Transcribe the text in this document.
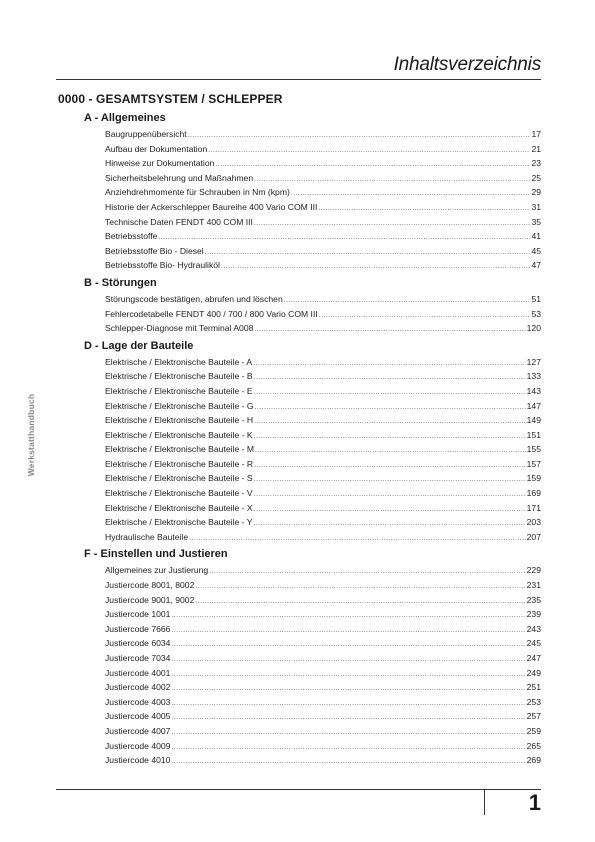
Inhaltsverzeichnis
Werkstatthandbuch
0000 - GESAMTSYSTEM / SCHLEPPER
A - Allgemeines
Baugruppenübersicht .....	17
Aufbau der Dokumentation .....	21
Hinweise zur Dokumentation .....	23
Sicherheitsbelehrung und Maßnahmen .....	25
Anziehdrehmomente für Schrauben in Nm (kpm) .....	29
Historie der Ackerschlepper Baureihe 400 Vario COM III .....	31
Technische Daten FENDT 400 COM III .....	35
Betriebsstoffe .....	41
Betriebsstoffe Bio - Diesel .....	45
Betriebsstoffe Bio- Hydrauliköl .....	47
B - Störungen
Störungscode bestätigen, abrufen und löschen .....	51
Fehlercodetabelle FENDT 400 / 700 / 800 Vario COM III .....	53
Schlepper-Diagnose mit Terminal A008 .....	120
D - Lage der Bauteile
Elektrische / Elektronische Bauteile - A .....	127
Elektrische / Elektronische Bauteile - B .....	133
Elektrische / Elektronische Bauteile - E .....	143
Elektrische / Elektronische Bauteile - G .....	147
Elektrische / Elektronische Bauteile - H .....	149
Elektrische / Elektronische Bauteile - K .....	151
Elektrische / Elektronische Bauteile - M .....	155
Elektrische / Elektronische Bauteile - R .....	157
Elektrische / Elektronische Bauteile - S .....	159
Elektrische / Elektronische Bauteile - V .....	169
Elektrische / Elektronische Bauteile - X .....	171
Elektrische / Elektronische Bauteile - Y .....	203
Hydraulische Bauteile .....	207
F - Einstellen und Justieren
Allgemeines zur Justierung .....	229
Justiercode 8001, 8002 .....	231
Justiercode 9001, 9002 .....	235
Justiercode 1001 .....	239
Justiercode 7666 .....	243
Justiercode 6034 .....	245
Justiercode 7034 .....	247
Justiercode 4001 .....	249
Justiercode 4002 .....	251
Justiercode 4003 .....	253
Justiercode 4005 .....	257
Justiercode 4007 .....	259
Justiercode 4009 .....	265
Justiercode 4010 .....	269
1
